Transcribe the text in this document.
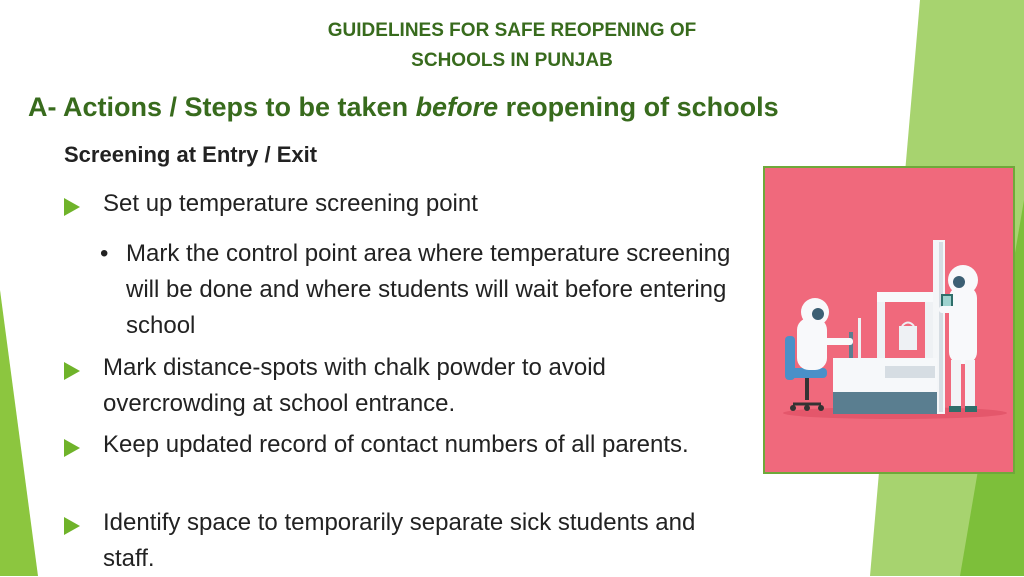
GUIDELINES FOR SAFE REOPENING OF
SCHOOLS IN PUNJAB
A- Actions / Steps to be taken before reopening of schools
Screening at Entry / Exit
Set up temperature screening point
• Mark the control point area where temperature screening will be done and where students will wait before entering school
Mark distance-spots with chalk powder to avoid overcrowding at school entrance.
Keep updated record of contact numbers of all parents.
Identify space to temporarily separate sick students and staff.
